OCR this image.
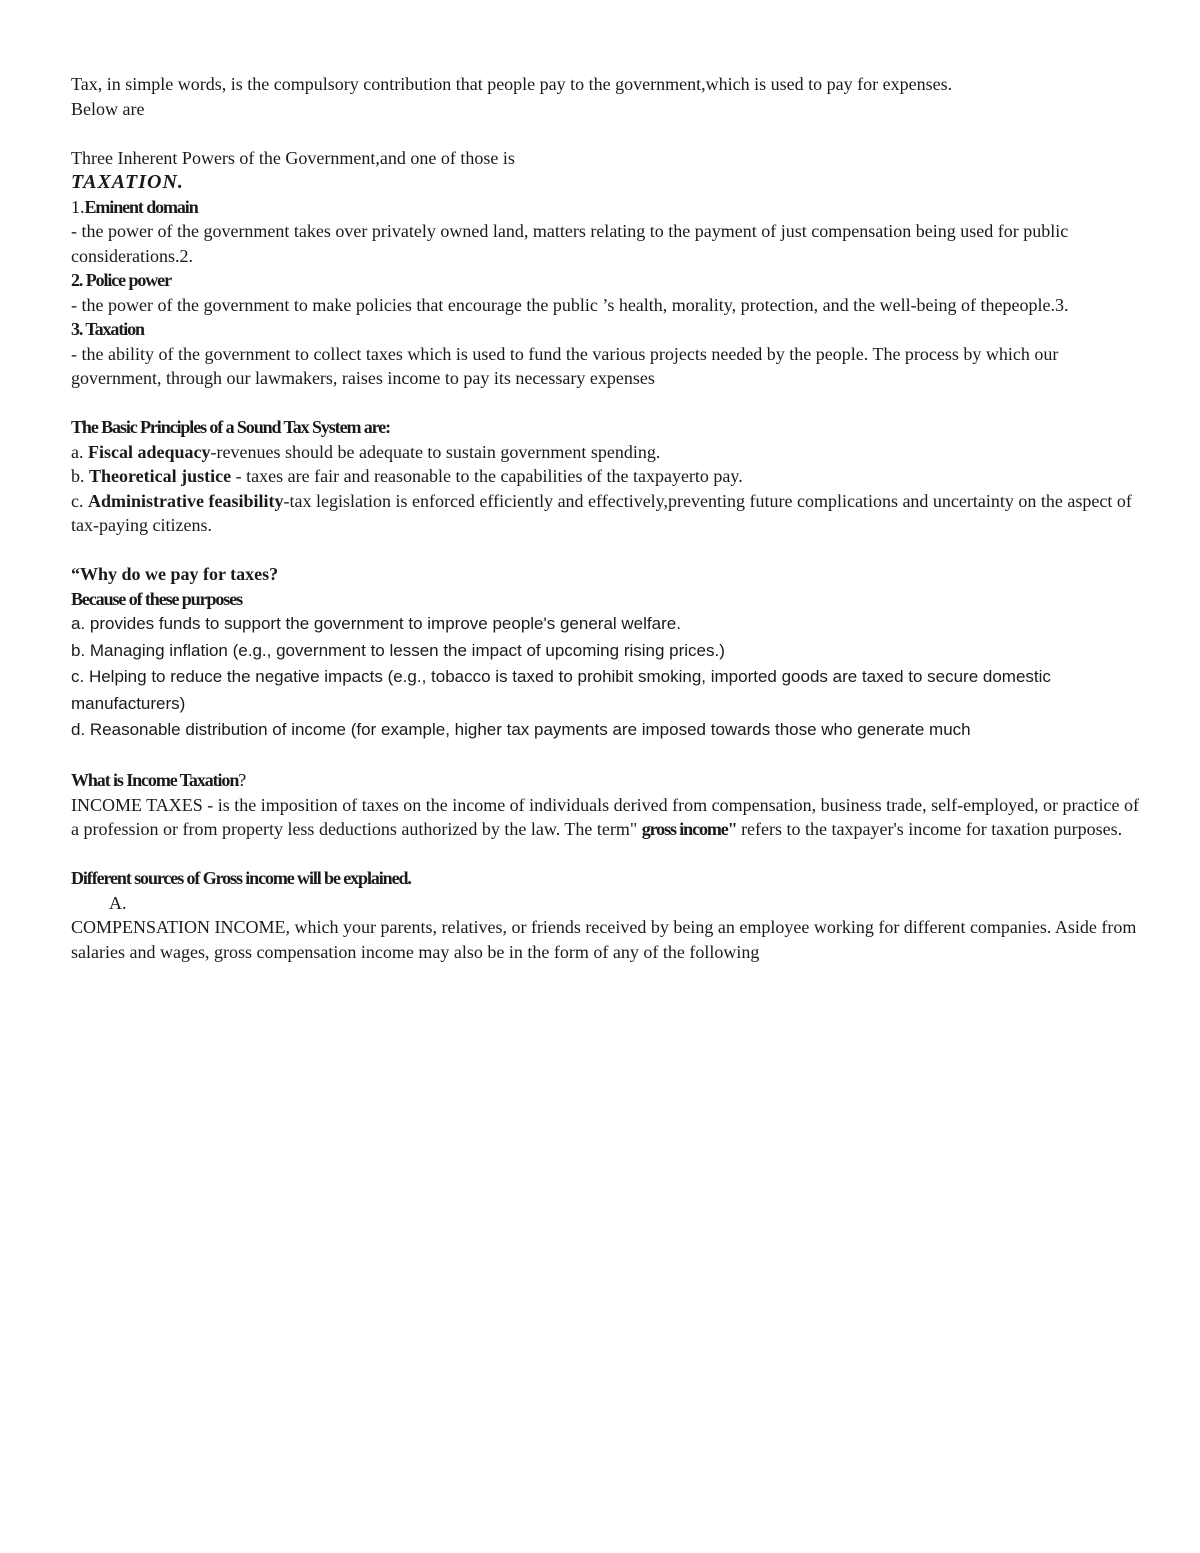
Tax, in simple words, is the compulsory contribution that people pay to the government,which is used to pay for expenses.

Below are

Three Inherent Powers of the Government,and one of those is

TAXATION.

1.Eminent domain

- the power of the government takes over privately owned land, matters relating to the payment of just compensation being used for public considerations.2.

2. Police power

- the power of the government to make policies that encourage the public ’s health, morality, protection, and the well-being of thepeople.3.

3. Taxation

- the ability of the government to collect taxes which is used to fund the various projects needed by the people. The process by which our government, through our lawmakers, raises income to pay its necessary expenses

The Basic Principles of a Sound Tax System are:

a. Fiscal adequacy-revenues should be adequate to sustain government spending.

b. Theoretical justice - taxes are fair and reasonable to the capabilities of the taxpayerto pay.

c. Administrative feasibility-tax legislation is enforced efficiently and effectively,preventing future complications and uncertainty on the aspect of tax-paying citizens.

“Why do we pay for taxes?

Because of these purposes

a. provides funds to support the government to improve people's general welfare.

b. Managing inflation (e.g., government to lessen the impact of upcoming rising prices.)

c. Helping to reduce the negative impacts (e.g., tobacco is taxed to prohibit smoking, imported goods are taxed to secure domestic manufacturers)

d. Reasonable distribution of income (for example, higher tax payments are imposed towards those who generate much

What is Income Taxation?

INCOME TAXES - is the imposition of taxes on the income of individuals derived from compensation, business trade, self-employed, or practice of a profession or from property less deductions authorized by the law. The term" gross income" refers to the taxpayer's income for taxation purposes.

Different sources of Gross income will be explained.

A.

COMPENSATION INCOME, which your parents, relatives, or friends received by being an employee working for different companies. Aside from salaries and wages, gross compensation income may also be in the form of any of the following
